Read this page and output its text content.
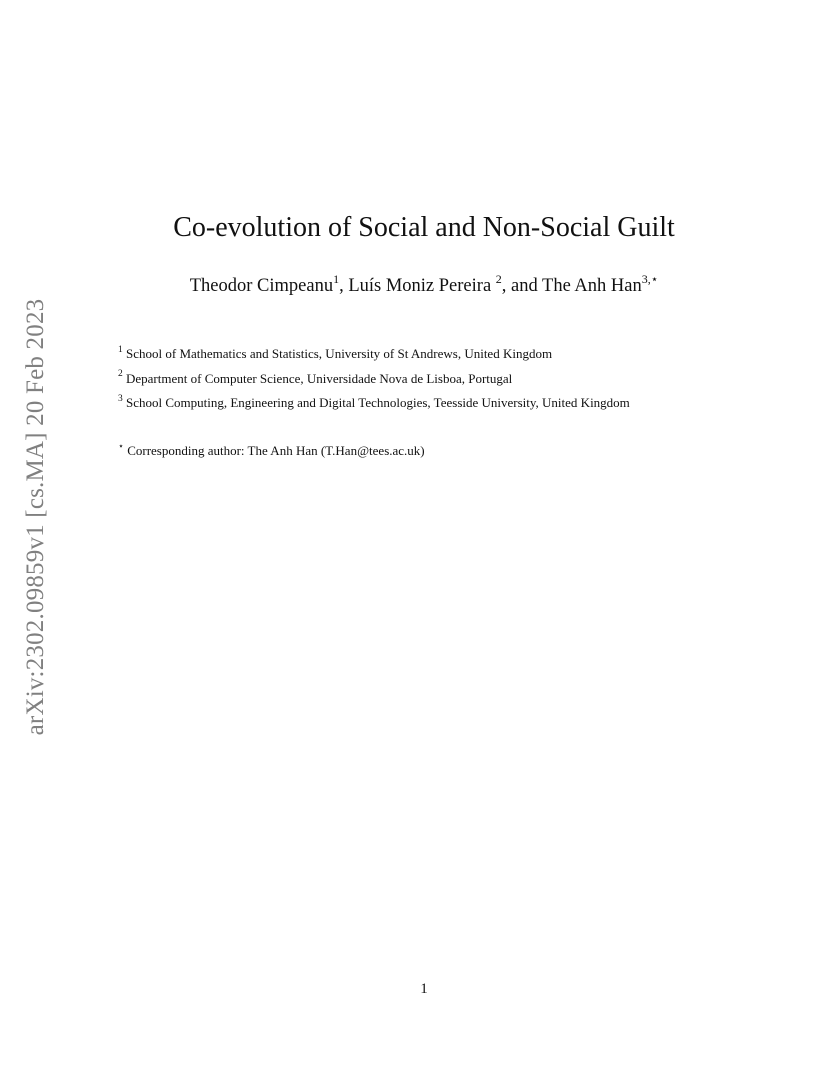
arXiv:2302.09859v1 [cs.MA] 20 Feb 2023
Co-evolution of Social and Non-Social Guilt
Theodor Cimpeanu$^1$, Luís Moniz Pereira $^2$, and The Anh Han$^{3,⋆}$
$^1$ School of Mathematics and Statistics, University of St Andrews, United Kingdom
$^2$ Department of Computer Science, Universidade Nova de Lisboa, Portugal
$^3$ School Computing, Engineering and Digital Technologies, Teesside University, United Kingdom
⋆ Corresponding author: The Anh Han (T.Han@tees.ac.uk)
1
